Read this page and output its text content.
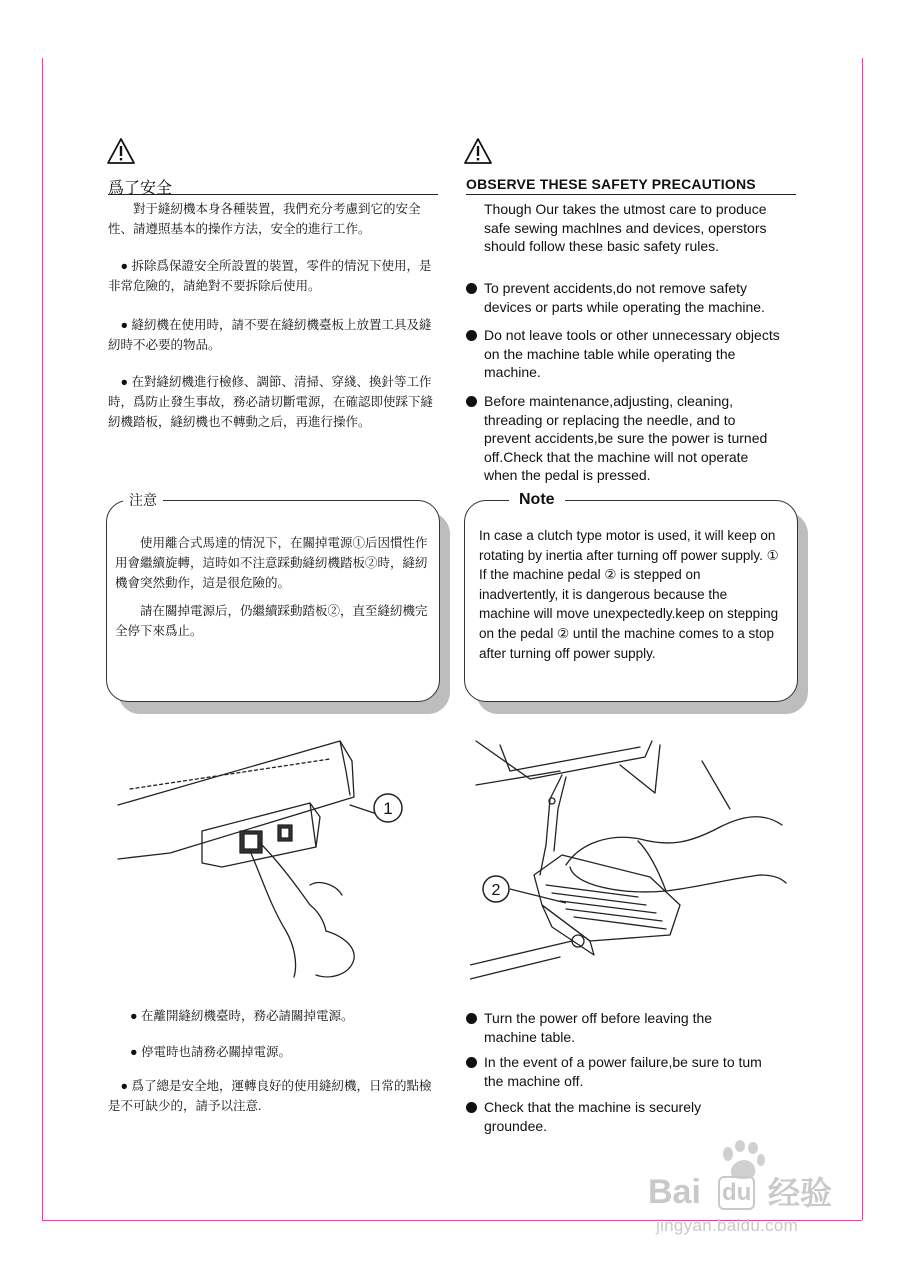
爲了安全	OBSERVE THESE SAFETY PRECAUTIONS
　　對于縫紉機本身各種裝置，我們充分考慮到它的安全性、請遵照基本的操作方法，安全的進行工作。
　● 拆除爲保證安全所設置的裝置，零件的情況下使用，是非常危險的，請絶對不要拆除后使用。
　● 縫紉機在使用時，請不要在縫紉機臺板上放置工具及縫紉時不必要的物品。
　● 在對縫紉機進行檢修、調節、清掃、穿綫、換針等工作時，爲防止發生事故，務必請切斷電源，在確認即使踩下縫紉機踏板，縫紉機也不轉動之后，再進行操作。
Though Our takes the utmost care to produce safe sewing machlnes and devices, operstors should follow these basic safety rules.
To prevent accidents,do not remove safety devices or parts while operating the machine.
Do not leave tools or other unnecessary objects on the machine table while operating the machine.
Before maintenance,adjusting, cleaning, threading or replacing the needle, and to prevent accidents,be sure the power is turned off.Check that the machine will not operate when the pedal is pressed.
注意
　　使用離合式馬達的情況下，在關掉電源①后因慣性作用會繼續旋轉，這時如不注意踩動縫紉機踏板②時，縫紉機會突然動作，這是很危險的。
　　請在關掉電源后，仍繼續踩動踏板②，直至縫紉機完全停下來爲止。
Note
In case a clutch type motor is used, it will keep on rotating by inertia after turning off power supply. ① If the machine pedal ② is stepped on inadvertently, it is dangerous because the machine will move unexpectedly.keep on stepping on the pedal ② until the machine comes to a stop after turning off power supply.
1
2
● 在離開縫紉機臺時，務必請關掉電源。
● 停電時也請務必關掉電源。
　● 爲了總是安全地，運轉良好的使用縫紉機，日常的點檢是不可缺少的，請予以注意.
Turn the power off before leaving the machine table.
In the event of a power failure,be sure to tum the machine off.
Check that the machine is securely groundee.
Bai du 经验
jingyan.baidu.com
